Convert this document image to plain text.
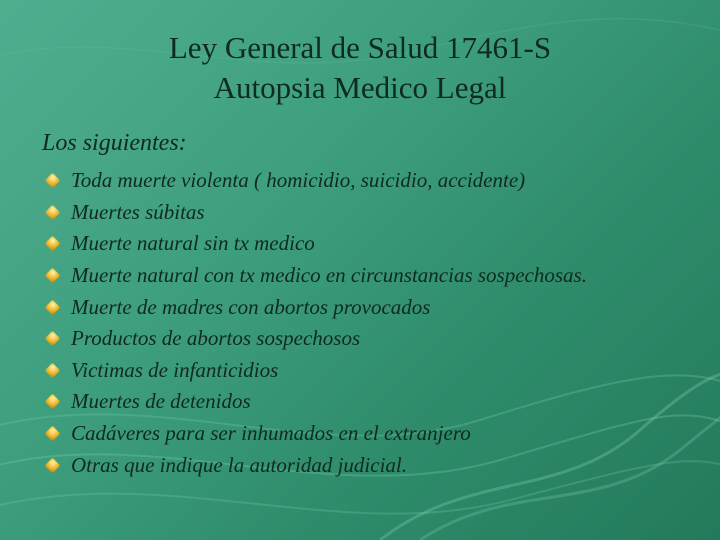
Ley General de Salud 17461-S
Autopsia Medico Legal
Los siguientes:
Toda muerte violenta ( homicidio, suicidio, accidente)
Muertes súbitas
Muerte natural sin tx medico
Muerte natural con tx medico en circunstancias sospechosas.
Muerte de madres con abortos provocados
Productos de abortos sospechosos
Victimas de infanticidios
Muertes de detenidos
Cadáveres para ser inhumados en el extranjero
Otras que indique la autoridad judicial.
